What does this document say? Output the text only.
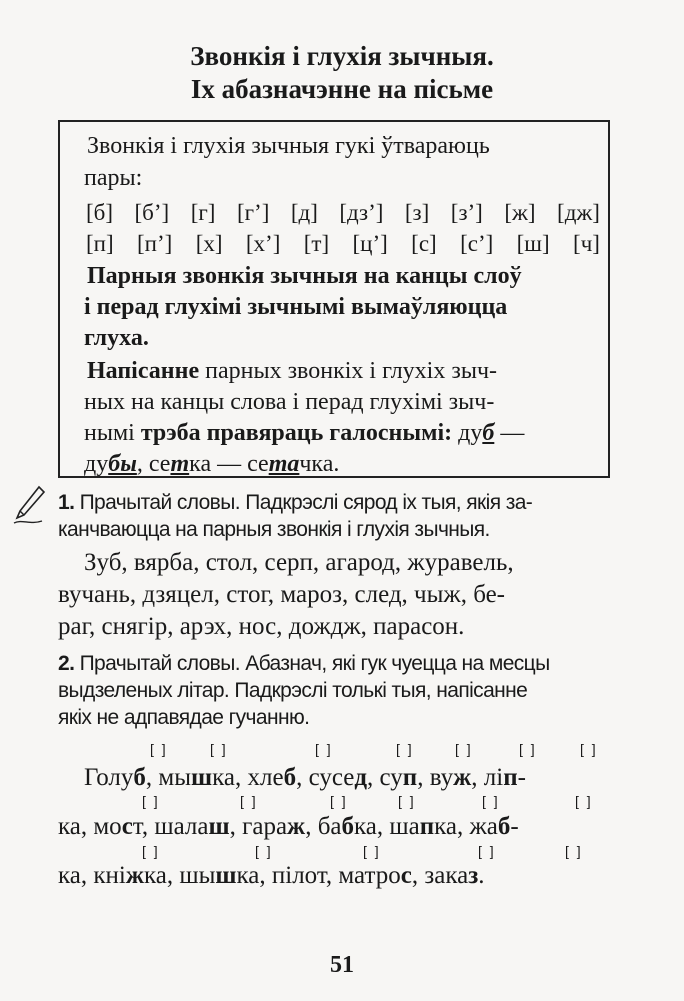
Звонкія і глухія зычныя.
Іх абазначэнне на пісьме
Звонкія і глухія зычныя гукі ўтвараюць
пары:
[б] [б’] [г] [г’] [д] [дз’] [з] [з’] [ж] [дж]
[п] [п’] [х] [х’] [т] [ц’] [с] [с’] [ш] [ч]
Парныя звонкія зычныя на канцы слоў
і перад глухімі зычнымі вымаўляюцца
глуха.
Напісанне парных звонкіх і глухіх зыч-
ных на канцы слова і перад глухімі зыч-
нымі трэба правяраць галоснымі: дуб —
дубы, сетка — сетачка.
1. Прачытай словы. Падкрэслі сярод іх тыя, якія за-
канчваюцца на парныя звонкія і глухія зычныя.
Зуб, вярба, стол, серп, агарод, журавель,
вучань, дзяцел, стог, мароз, след, чыж, бе-
раг, снягір, арэх, нос, дождж, парасон.
2. Прачытай словы. Абазнач, які гук чуецца на месцы
выдзеленых літар. Падкрэслі толькі тыя, напісанне
якіх не адпавядае гучанню.
[ ]	[ ]	[ ]	[ ]	[ ]	[ ]	[ ]
Голуб, мышка, хлеб, сусед, суп, вуж, ліп-
[ ]	[ ]	[ ]	[ ]	[ ]	[ ]
ка, мост, шалаш, гараж, бабка, шапка, жаб-
[ ]	[ ]	[ ]	[ ]	[ ]
ка, кніжка, шышка, пілот, матрос, заказ.
51
